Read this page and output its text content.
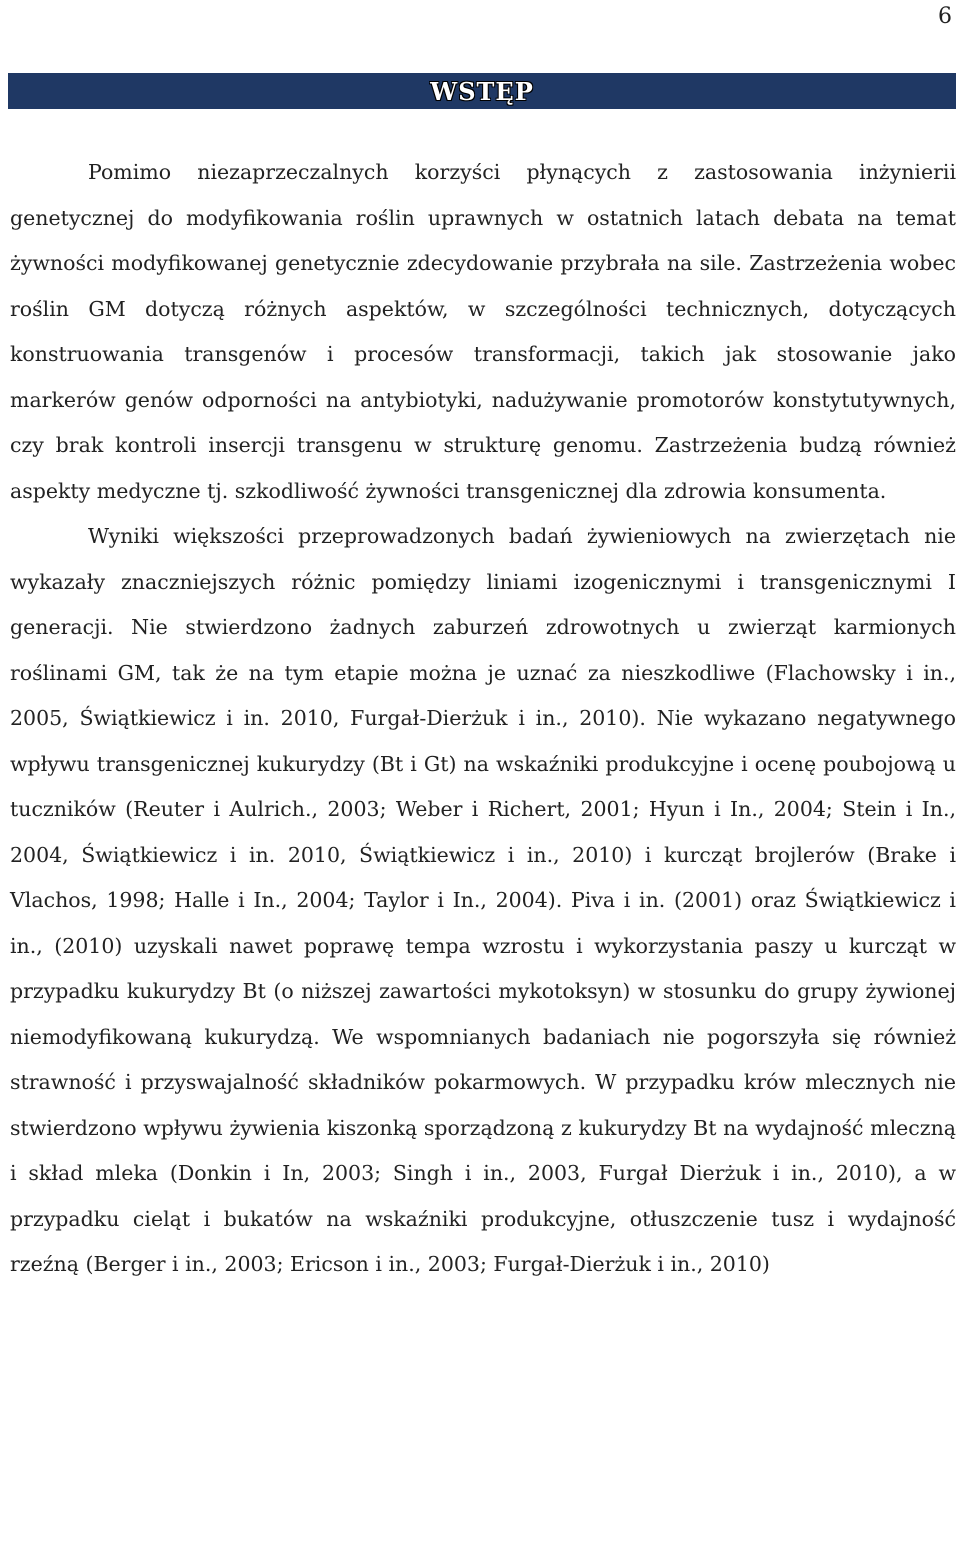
6
WSTĘP

Pomimo niezaprzeczalnych korzyści płynących z zastosowania inżynierii genetycznej do modyfikowania roślin uprawnych w ostatnich latach debata na temat żywności modyfikowanej genetycznie zdecydowanie przybrała na sile. Zastrzeżenia wobec roślin GM dotyczą różnych aspektów, w szczególności technicznych, dotyczących konstruowania transgenów i procesów transformacji, takich jak stosowanie jako markerów genów odporności na antybiotyki, nadużywanie promotorów konstytutywnych, czy brak kontroli insercji transgenu w strukturę genomu. Zastrzeżenia budzą również aspekty medyczne tj. szkodliwość żywności transgenicznej dla zdrowia konsumenta.

Wyniki większości przeprowadzonych badań żywieniowych na zwierzętach nie wykazały znaczniejszych różnic pomiędzy liniami izogenicznymi i transgenicznymi I generacji. Nie stwierdzono żadnych zaburzeń zdrowotnych u zwierząt karmionych roślinami GM, tak że na tym etapie można je uznać za nieszkodliwe (Flachowsky i in., 2005, Świątkiewicz i in. 2010, Furgał-Dierżuk i in., 2010). Nie wykazano negatywnego wpływu transgenicznej kukurydzy (Bt i Gt) na wskaźniki produkcyjne i ocenę poubojową u tuczników (Reuter i Aulrich., 2003; Weber i Richert, 2001; Hyun i In., 2004; Stein i In., 2004, Świątkiewicz i in. 2010, Świątkiewicz i in., 2010) i kurcząt brojlerów (Brake i Vlachos, 1998; Halle i In., 2004; Taylor i In., 2004). Piva i in. (2001) oraz Świątkiewicz i in., (2010) uzyskali nawet poprawę tempa wzrostu i wykorzystania paszy u kurcząt w przypadku kukurydzy Bt (o niższej zawartości mykotoksyn) w stosunku do grupy żywionej niemodyfikowaną kukurydzą. We wspomnianych badaniach nie pogorszyła się również strawność i przyswajalność składników pokarmowych. W przypadku krów mlecznych nie stwierdzono wpływu żywienia kiszonką sporządzoną z kukurydzy Bt na wydajność mleczną i skład mleka (Donkin i In, 2003; Singh i in., 2003, Furgał Dierżuk i in., 2010), a w przypadku cieląt i bukatów na wskaźniki produkcyjne, otłuszczenie tusz i wydajność rzeźną (Berger i in., 2003; Ericson i in., 2003; Furgał-Dierżuk i in., 2010)
